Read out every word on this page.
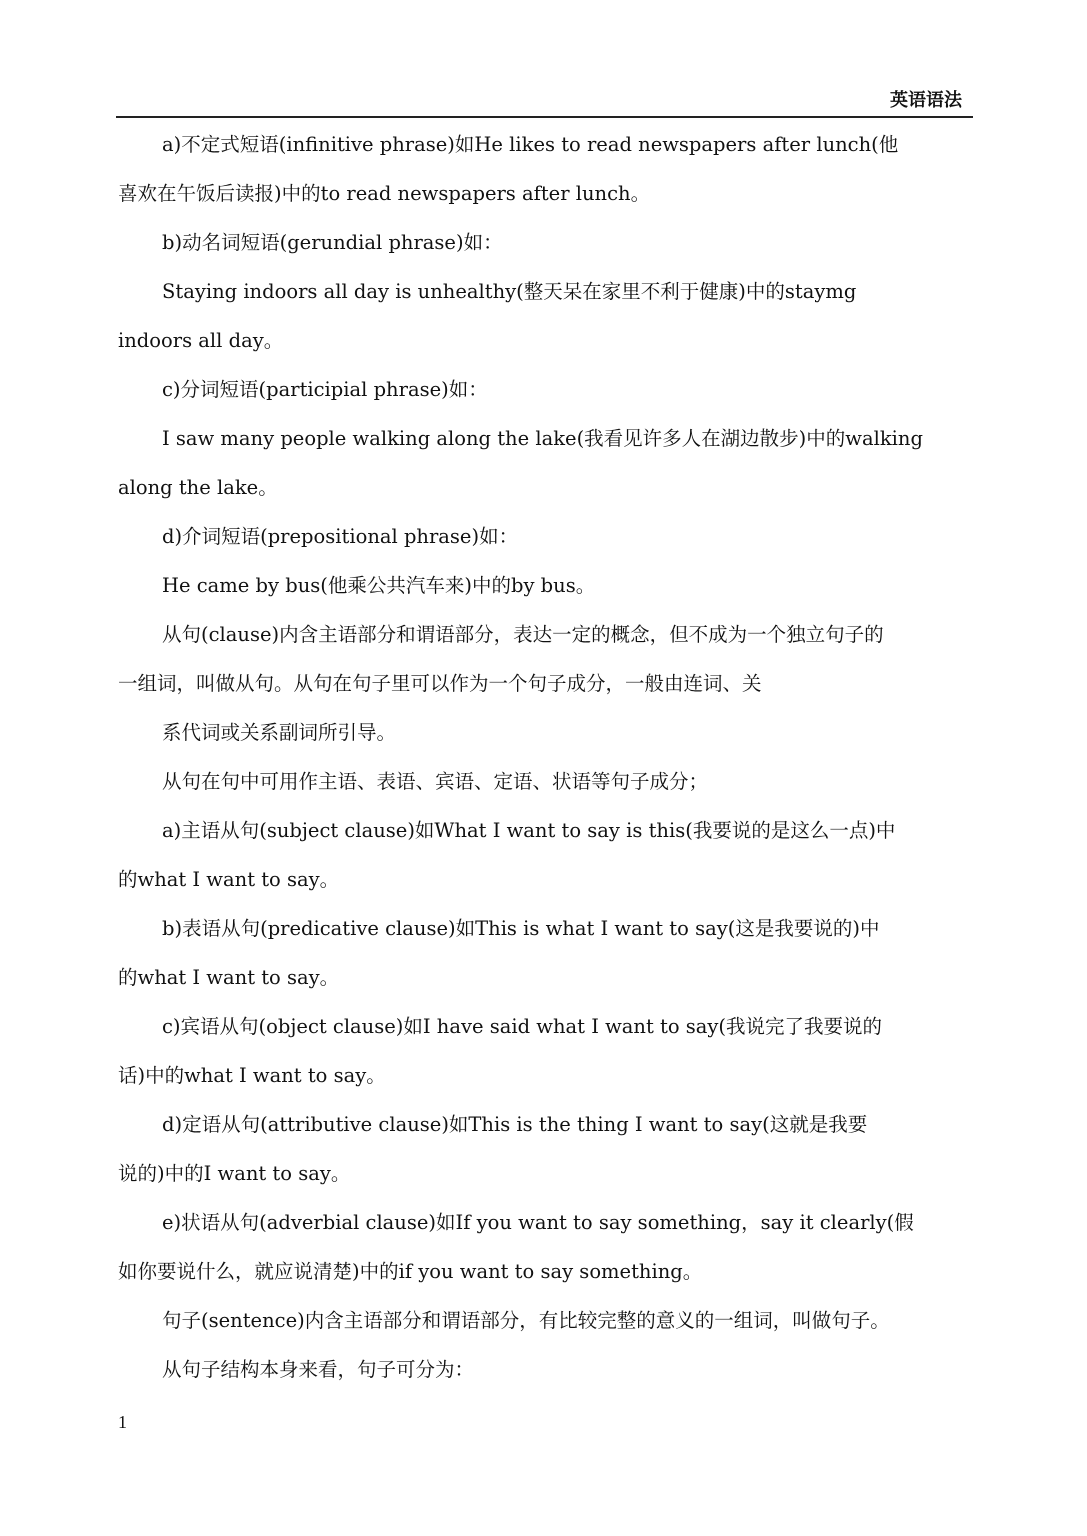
英语语法

a)不定式短语(infinitive phrase)如He likes to read newspapers after lunch(他

喜欢在午饭后读报)中的to read newspapers after lunch。

b)动名词短语(gerundial phrase)如：

Staying indoors all day is unhealthy(整天呆在家里不利于健康)中的staymg

indoors all day。

c)分词短语(participial phrase)如：

I saw many people walking along the lake(我看见许多人在湖边散步)中的walking

along the lake。

d)介词短语(prepositional phrase)如：

He came by bus(他乘公共汽车来)中的by bus。

从句(clause)内含主语部分和谓语部分，表达一定的概念，但不成为一个独立句子的

一组词，叫做从句。从句在句子里可以作为一个句子成分，一般由连词、关

系代词或关系副词所引导。

从句在句中可用作主语、表语、宾语、定语、状语等句子成分；

a)主语从句(subject clause)如What I want to say is this(我要说的是这么一点)中

的what I want to say。

b)表语从句(predicative clause)如This is what I want to say(这是我要说的)中

的what I want to say。

c)宾语从句(object clause)如I have said what I want to say(我说完了我要说的

话)中的what I want to say。

d)定语从句(attributive clause)如This is the thing I want to say(这就是我要

说的)中的I want to say。

e)状语从句(adverbial clause)如If you want to say something，say it clearly(假

如你要说什么，就应说清楚)中的if you want to say something。

句子(sentence)内含主语部分和谓语部分，有比较完整的意义的一组词，叫做句子。

从句子结构本身来看，句子可分为：

1
